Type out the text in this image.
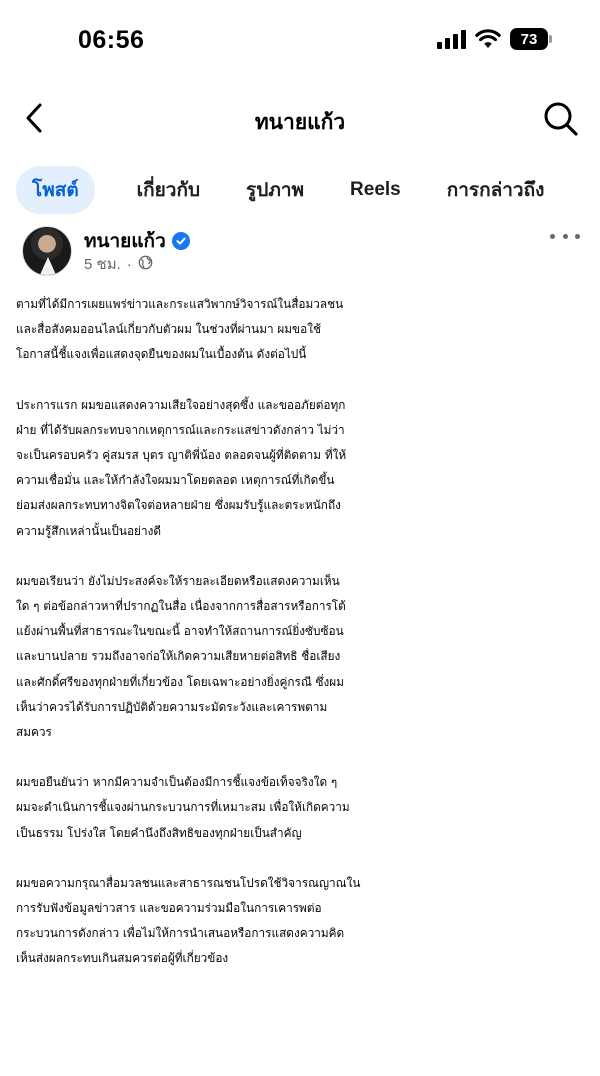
06:56	73
ทนายแก้ว
โพสต์	เกี่ยวกับ	รูปภาพ	Reels	การกล่าวถึง
ทนายแก้ว
5 ชม. ·

ตามที่ได้มีการเผยแพร่ข่าวและกระแสวิพากษ์วิจารณ์ในสื่อมวลชน
และสื่อสังคมออนไลน์เกี่ยวกับตัวผม ในช่วงที่ผ่านมา ผมขอใช้
โอกาสนี้ชี้แจงเพื่อแสดงจุดยืนของผมในเบื้องต้น ดังต่อไปนี้

ประการแรก ผมขอแสดงความเสียใจอย่างสุดซึ้ง และขออภัยต่อทุก
ฝ่าย ที่ได้รับผลกระทบจากเหตุการณ์และกระแสข่าวดังกล่าว ไม่ว่า
จะเป็นครอบครัว คู่สมรส บุตร ญาติพี่น้อง ตลอดจนผู้ที่ติดตาม ที่ให้
ความเชื่อมั่น และให้กำลังใจผมมาโดยตลอด เหตุการณ์ที่เกิดขึ้น
ย่อมส่งผลกระทบทางจิตใจต่อหลายฝ่าย ซึ่งผมรับรู้และตระหนักถึง
ความรู้สึกเหล่านั้นเป็นอย่างดี

ผมขอเรียนว่า ยังไม่ประสงค์จะให้รายละเอียดหรือแสดงความเห็น
ใด ๆ ต่อข้อกล่าวหาที่ปรากฏในสื่อ เนื่องจากการสื่อสารหรือการโต้
แย้งผ่านพื้นที่สาธารณะในขณะนี้ อาจทำให้สถานการณ์ยิ่งซับซ้อน
และบานปลาย รวมถึงอาจก่อให้เกิดความเสียหายต่อสิทธิ ชื่อเสียง
และศักดิ์ศรีของทุกฝ่ายที่เกี่ยวข้อง โดยเฉพาะอย่างยิ่งคู่กรณี ซึ่งผม
เห็นว่าควรได้รับการปฏิบัติด้วยความระมัดระวังและเคารพตาม
สมควร

ผมขอยืนยันว่า หากมีความจำเป็นต้องมีการชี้แจงข้อเท็จจริงใด ๆ
ผมจะดำเนินการชี้แจงผ่านกระบวนการที่เหมาะสม เพื่อให้เกิดความ
เป็นธรรม โปร่งใส โดยคำนึงถึงสิทธิของทุกฝ่ายเป็นสำคัญ

ผมขอความกรุณาสื่อมวลชนและสาธารณชนโปรดใช้วิจารณญาณใน
การรับฟังข้อมูลข่าวสาร และขอความร่วมมือในการเคารพต่อ
กระบวนการดังกล่าว เพื่อไม่ให้การนำเสนอหรือการแสดงความคิด
เห็นส่งผลกระทบเกินสมควรต่อผู้ที่เกี่ยวข้อง
